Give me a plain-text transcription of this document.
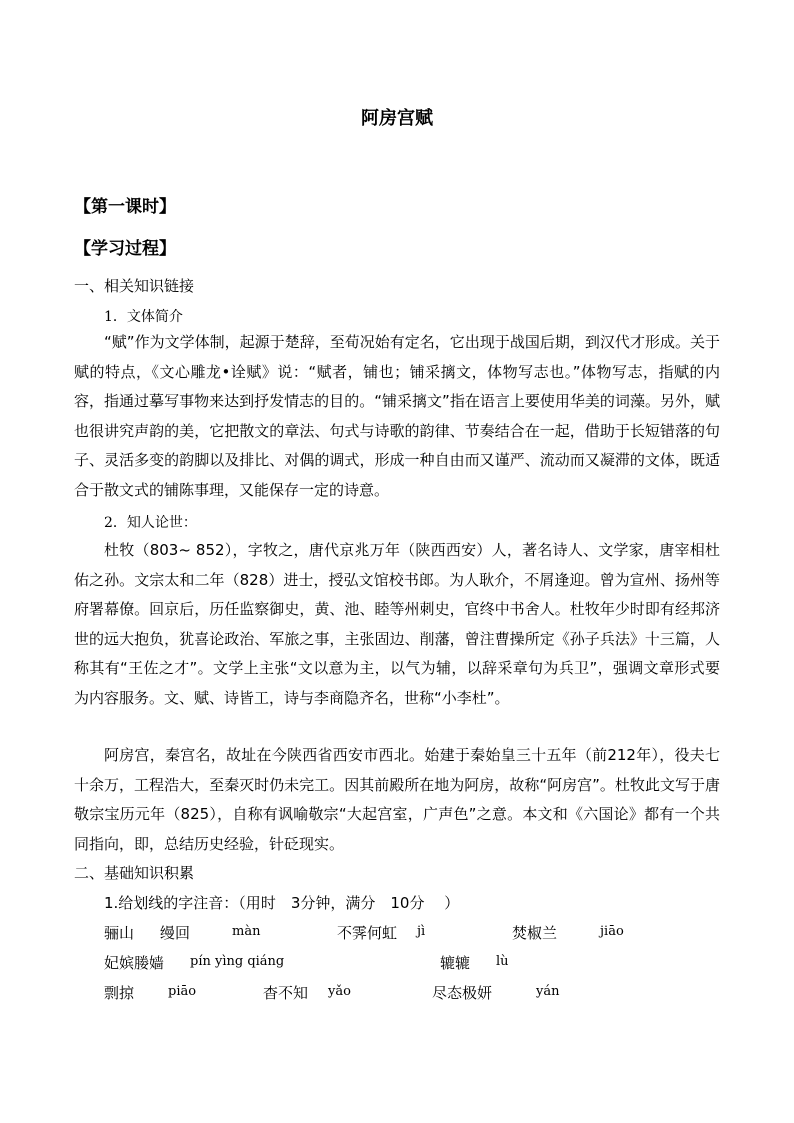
阿房宫赋
【第一课时】
【学习过程】
一、相关知识链接
1．文体简介
“赋”作为文学体制，起源于楚辞，至荀况始有定名，它出现于战国后期，到汉代才形成。关于赋的特点，《文心雕龙•诠赋》说：“赋者，铺也；铺采摛文，体物写志也。”体物写志，指赋的内容，指通过摹写事物来达到抒发情志的目的。“铺采摛文”指在语言上要使用华美的词藻。另外，赋也很讲究声韵的美，它把散文的章法、句式与诗歌的韵律、节奏结合在一起，借助于长短错落的句子、灵活多变的韵脚以及排比、对偶的调式，形成一种自由而又谨严、流动而又凝滞的文体，既适合于散文式的铺陈事理，又能保存一定的诗意。
2．知人论世：
杜牧（803~ 852），字牧之，唐代京兆万年（陕西西安）人，著名诗人、文学家，唐宰相杜佑之孙。文宗太和二年（828）进士，授弘文馆校书郎。为人耿介，不屑逢迎。曾为宣州、扬州等府署幕僚。回京后，历任监察御史，黄、池、睦等州刺史，官终中书舍人。杜牧年少时即有经邦济世的远大抱负，犹喜论政治、军旅之事，主张固边、削藩，曾注曹操所定《孙子兵法》十三篇，人称其有“王佐之才”。文学上主张“文以意为主，以气为辅，以辞采章句为兵卫”，强调文章形式要为内容服务。文、赋、诗皆工，诗与李商隐齐名，世称“小李杜”。
阿房宫，秦宫名，故址在今陕西省西安市西北。始建于秦始皇三十五年（前212年），役夫七十余万，工程浩大，至秦灭时仍未完工。因其前殿所在地为阿房，故称“阿房宫”。杜牧此文写于唐敬宗宝历元年（825），自称有讽喻敬宗“大起宫室，广声色”之意。本文和《六国论》都有一个共同指向，即，总结历史经验，针砭现实。
二、基础知识积累
1.给划线的字注音：（用时　3分钟，满分　10分　 ）
骊山 缦回	màn	不霁何虹 jì	焚椒兰	jiāo
妃嫔媵嫱 pín yìng qiáng	辘辘 lù
剽掠	piāo	杳不知 yǎo	尽态极妍	yán
